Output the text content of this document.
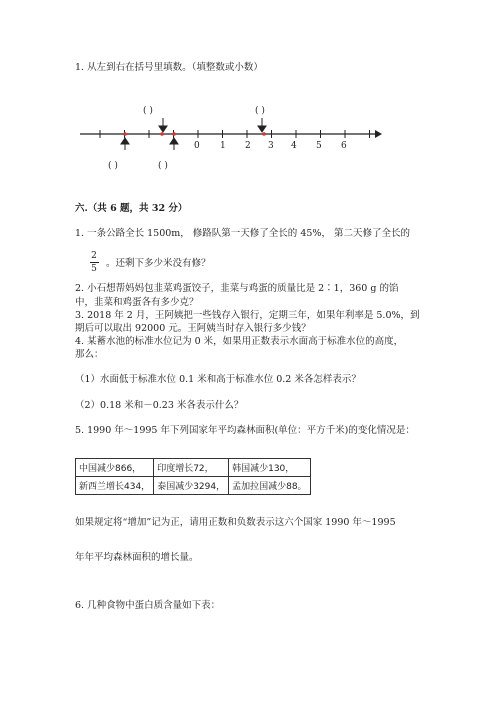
1. 从左到右在括号里填数。（填整数或小数）
( )	( )
0 1 2 3 4 5 6
( )	( )
六.（共 6 题，共 32 分）
1. 一条公路全长 1500m， 修路队第一天修了全长的 45%， 第二天修了全长的
2
5 。还剩下多少米没有修？
2. 小石想帮妈妈包韭菜鸡蛋饺子，韭菜与鸡蛋的质量比是 2∶1，360 g 的馅
中，韭菜和鸡蛋各有多少克？
3. 2018 年 2 月，王阿姨把一些钱存入银行，定期三年，如果年利率是 5.0%，到
期后可以取出 92000 元。王阿姨当时存入银行多少钱？
4. 某蓄水池的标准水位记为 0 米，如果用正数表示水面高于标准水位的高度，
那么：
（1）水面低于标准水位 0.1 米和高于标准水位 0.2 米各怎样表示？
（2）0.18 米和－0.23 米各表示什么？
5. 1990 年～1995 年下列国家年平均森林面积(单位：平方千米)的变化情况是：
中国减少866，	印度增长72，	韩国减少130，
新西兰增长434，	泰国减少3294，	孟加拉国减少88。
如果规定将“增加”记为正，请用正数和负数表示这六个国家 1990 年～1995
年年平均森林面积的增长量。
6. 几种食物中蛋白质含量如下表：
